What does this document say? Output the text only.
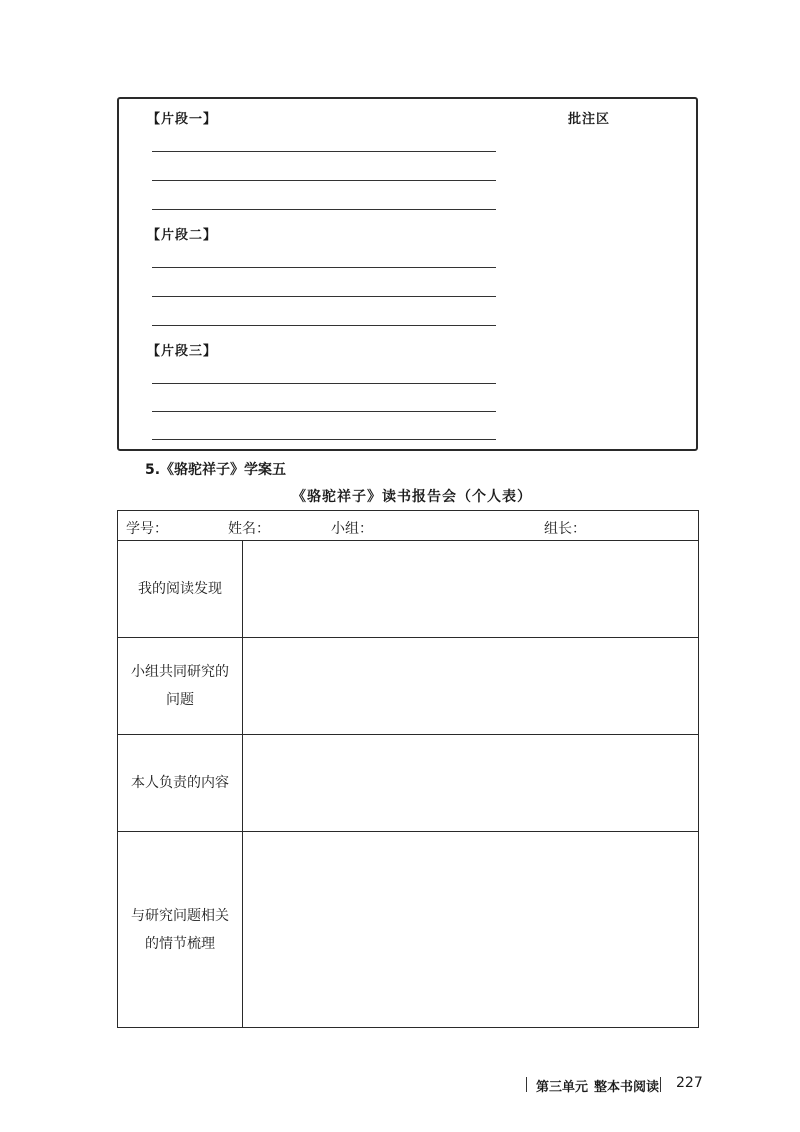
【片段一】	批注区
【片段二】
【片段三】
5.《骆驼祥子》学案五
《骆驼祥子》读书报告会（个人表）
学号：	姓名：	小组：	组长：
我的阅读发现
小组共同研究的问题
本人负责的内容
与研究问题相关的情节梳理
第三单元 整本书阅读 227
